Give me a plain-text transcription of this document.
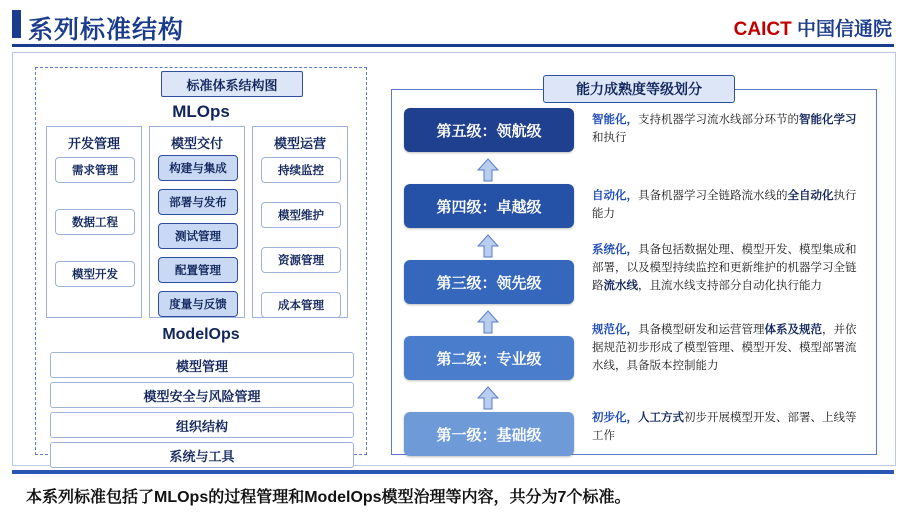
系列标准结构	CAICT 中国信通院
标准体系结构图
MLOps
开发管理
需求管理
数据工程
模型开发
模型交付
构建与集成
部署与发布
测试管理
配置管理
度量与反馈
模型运营
持续监控
模型维护
资源管理
成本管理
ModelOps
模型管理
模型安全与风险管理
组织结构
系统与工具
能力成熟度等级划分
第五级：领航级
智能化，支持机器学习流水线部分环节的智能化学习和执行
第四级：卓越级
自动化，具备机器学习全链路流水线的全自动化执行能力
第三级：领先级
系统化，具备包括数据处理、模型开发、模型集成和部署，以及模型持续监控和更新维护的机器学习全链路流水线，且流水线支持部分自动化执行能力
第二级：专业级
规范化，具备模型研发和运营管理体系及规范，并依据规范初步形成了模型管理、模型开发、模型部署流水线，具备版本控制能力
第一级：基础级
初步化，人工方式初步开展模型开发、部署、上线等工作
本系列标准包括了MLOps的过程管理和ModelOps模型治理等内容，共分为7个标准。
